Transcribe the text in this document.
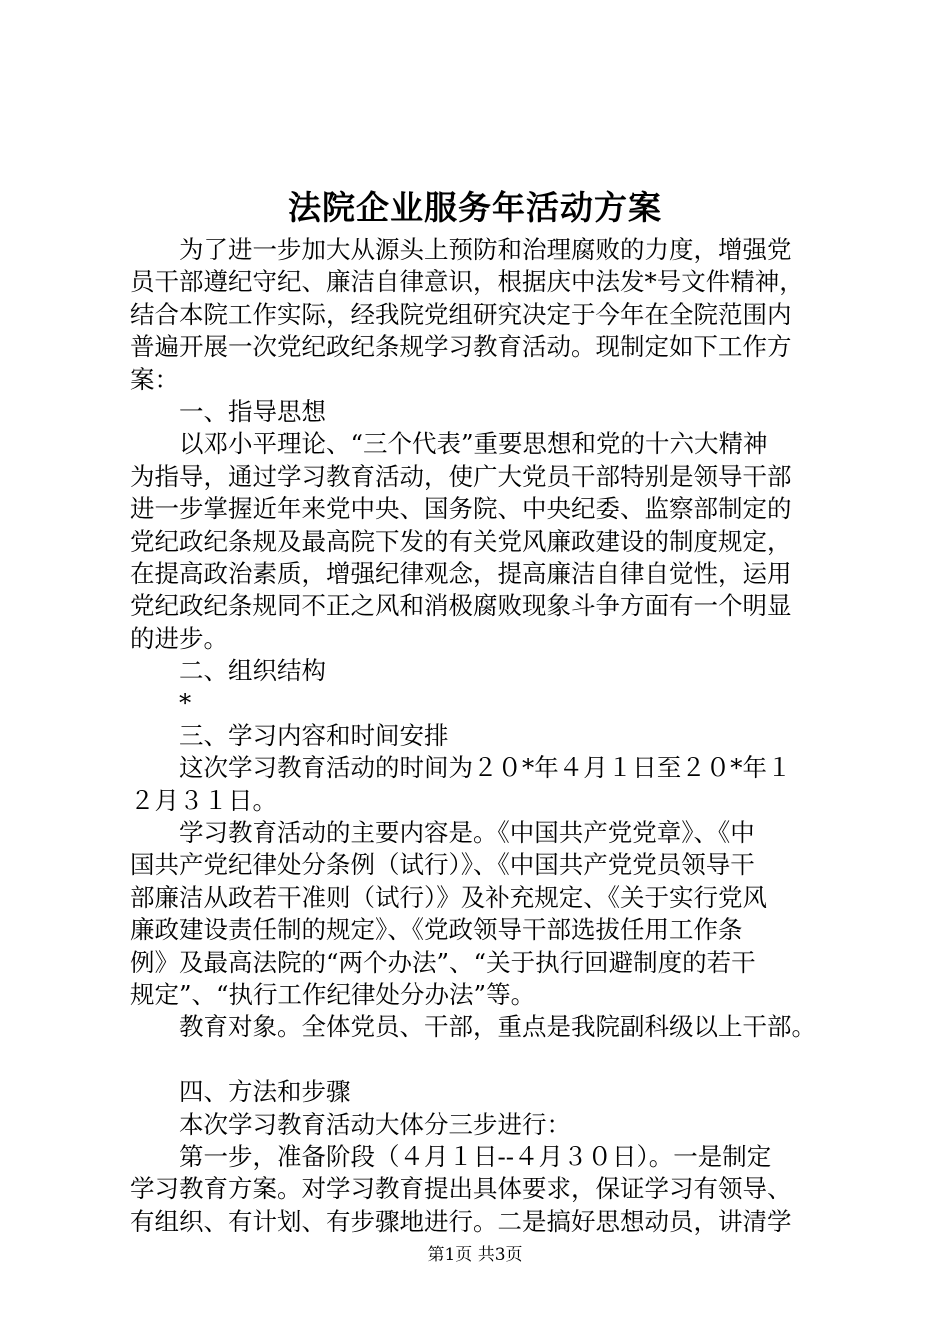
法院企业服务年活动方案
为了进一步加大从源头上预防和治理腐败的力度，增强党
员干部遵纪守纪、廉洁自律意识，根据庆中法发*号文件精神，
结合本院工作实际，经我院党组研究决定于今年在全院范围内
普遍开展一次党纪政纪条规学习教育活动。现制定如下工作方
案：
一、指导思想
以邓小平理论、“三个代表”重要思想和党的十六大精神
为指导，通过学习教育活动，使广大党员干部特别是领导干部
进一步掌握近年来党中央、国务院、中央纪委、监察部制定的
党纪政纪条规及最高院下发的有关党风廉政建设的制度规定，
在提高政治素质，增强纪律观念，提高廉洁自律自觉性，运用
党纪政纪条规同不正之风和消极腐败现象斗争方面有一个明显
的进步。
二、组织结构
*
三、学习内容和时间安排
这次学习教育活动的时间为２０*年４月１日至２０*年１
２月３１日。
学习教育活动的主要内容是。《中国共产党党章》、《中
国共产党纪律处分条例（试行）》、《中国共产党党员领导干
部廉洁从政若干准则（试行）》及补充规定、《关于实行党风
廉政建设责任制的规定》、《党政领导干部选拔任用工作条
例》及最高法院的“两个办法”、“关于执行回避制度的若干
规定”、“执行工作纪律处分办法”等。
教育对象。全体党员、干部，重点是我院副科级以上干部。
四、方法和步骤
本次学习教育活动大体分三步进行：
第一步，准备阶段（４月１日--４月３０日）。一是制定
学习教育方案。对学习教育提出具体要求，保证学习有领导、
有组织、有计划、有步骤地进行。二是搞好思想动员，讲清学
第1页 共3页
